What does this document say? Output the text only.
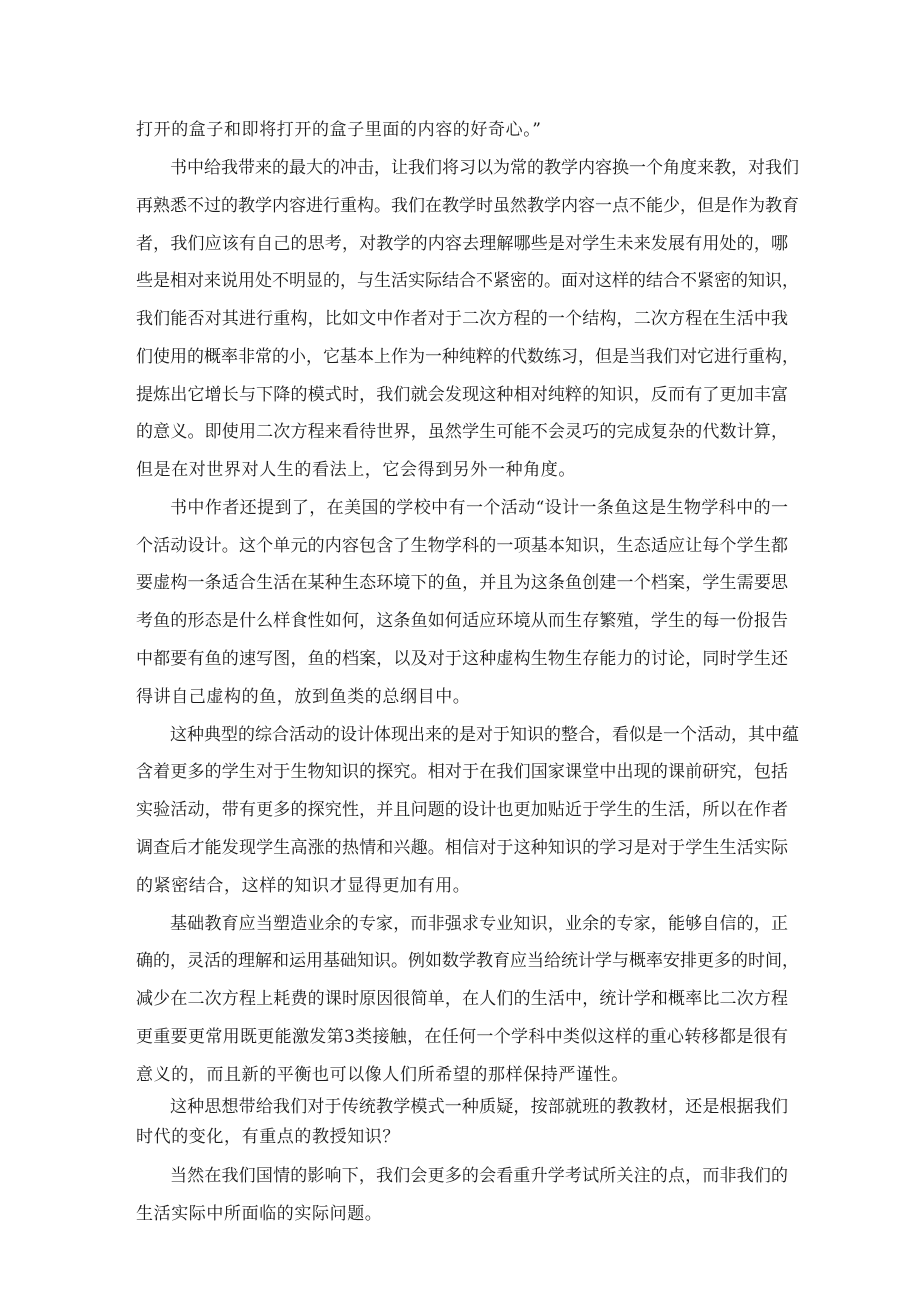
打开的盒子和即将打开的盒子里面的内容的好奇心。”
书中给我带来的最大的冲击，让我们将习以为常的教学内容换一个角度来教，对我们
再熟悉不过的教学内容进行重构。我们在教学时虽然教学内容一点不能少，但是作为教育
者，我们应该有自己的思考，对教学的内容去理解哪些是对学生未来发展有用处的，哪
些是相对来说用处不明显的，与生活实际结合不紧密的。面对这样的结合不紧密的知识，
我们能否对其进行重构，比如文中作者对于二次方程的一个结构，二次方程在生活中我
们使用的概率非常的小，它基本上作为一种纯粹的代数练习，但是当我们对它进行重构，
提炼出它增长与下降的模式时，我们就会发现这种相对纯粹的知识，反而有了更加丰富
的意义。即使用二次方程来看待世界，虽然学生可能不会灵巧的完成复杂的代数计算，
但是在对世界对人生的看法上，它会得到另外一种角度。
书中作者还提到了，在美国的学校中有一个活动“设计一条鱼这是生物学科中的一
个活动设计。这个单元的内容包含了生物学科的一项基本知识，生态适应让每个学生都
要虚构一条适合生活在某种生态环境下的鱼，并且为这条鱼创建一个档案，学生需要思
考鱼的形态是什么样食性如何，这条鱼如何适应环境从而生存繁殖，学生的每一份报告
中都要有鱼的速写图，鱼的档案，以及对于这种虚构生物生存能力的讨论，同时学生还
得讲自己虚构的鱼，放到鱼类的总纲目中。
这种典型的综合活动的设计体现出来的是对于知识的整合，看似是一个活动，其中蕴
含着更多的学生对于生物知识的探究。相对于在我们国家课堂中出现的课前研究，包括
实验活动，带有更多的探究性，并且问题的设计也更加贴近于学生的生活，所以在作者
调查后才能发现学生高涨的热情和兴趣。相信对于这种知识的学习是对于学生生活实际
的紧密结合，这样的知识才显得更加有用。
基础教育应当塑造业余的专家，而非强求专业知识，业余的专家，能够自信的，正
确的，灵活的理解和运用基础知识。例如数学教育应当给统计学与概率安排更多的时间，
减少在二次方程上耗费的课时原因很简单，在人们的生活中，统计学和概率比二次方程
更重要更常用既更能激发第3类接触，在任何一个学科中类似这样的重心转移都是很有
意义的，而且新的平衡也可以像人们所希望的那样保持严谨性。
这种思想带给我们对于传统教学模式一种质疑，按部就班的教教材，还是根据我们
时代的变化，有重点的教授知识？
当然在我们国情的影响下，我们会更多的会看重升学考试所关注的点，而非我们的
生活实际中所面临的实际问题。
